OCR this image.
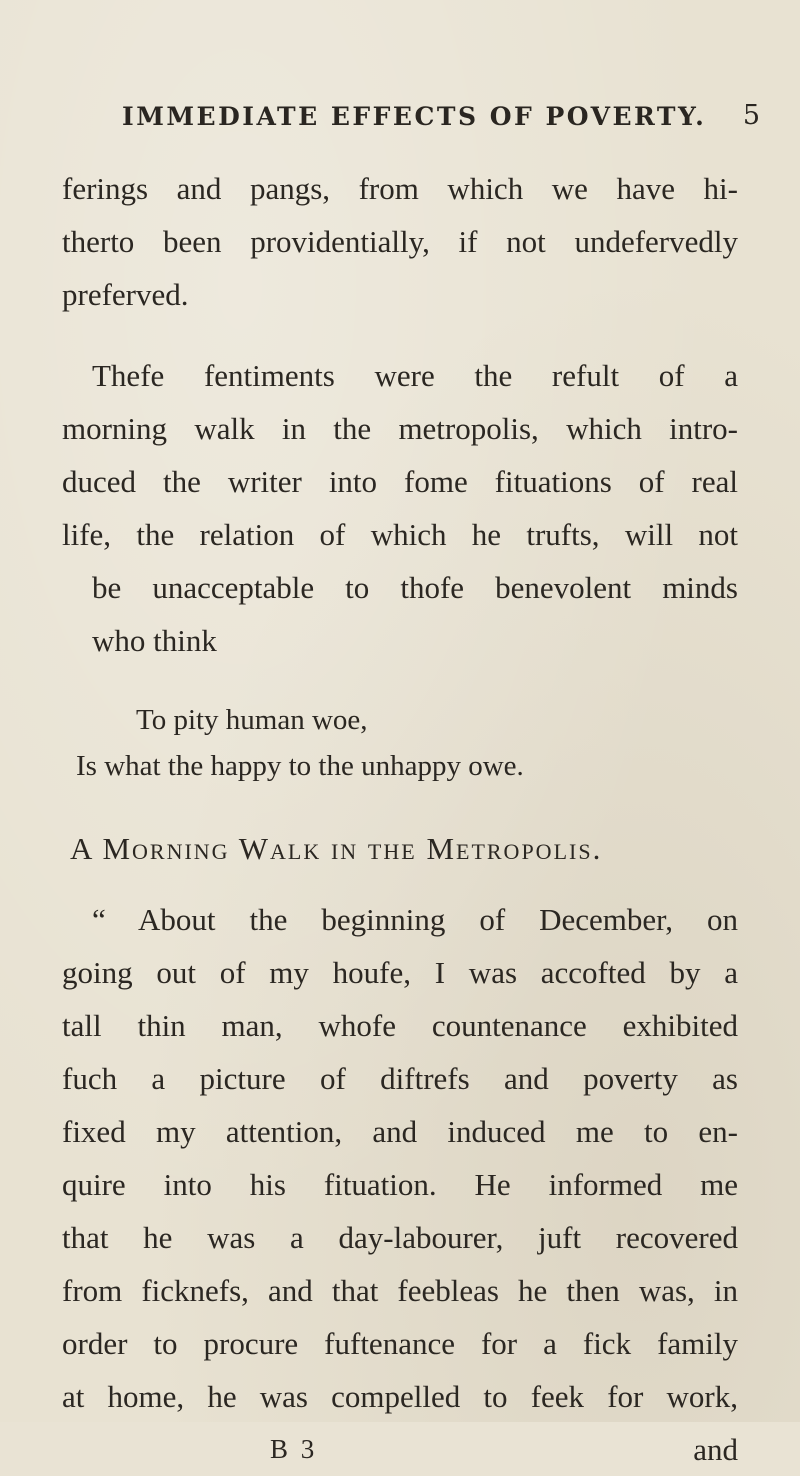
IMMEDIATE EFFECTS OF POVERTY. 5
ferings and pangs, from which we have hi-
therto been providentially, if not undefervedly
preferved.
Thefe fentiments were the refult of a
morning walk in the metropolis, which intro-
duced the writer into fome fituations of real
life, the relation of which he trufts, will not
be unacceptable to thofe benevolent minds
who think
To pity human woe,
Is what the happy to the unhappy owe.
A Morning Walk in the Metropolis.
“ About the beginning of December, on
going out of my houfe, I was accofted by a
tall thin man, whofe countenance exhibited
fuch a picture of diftrefs and poverty as
fixed my attention, and induced me to en-
quire into his fituation. He informed me
that he was a day-labourer, juft recovered
from ficknefs, and that feebleas he then was, in
order to procure fuftenance for a fick family
at home, he was compelled to feek for work,
B 3	and
